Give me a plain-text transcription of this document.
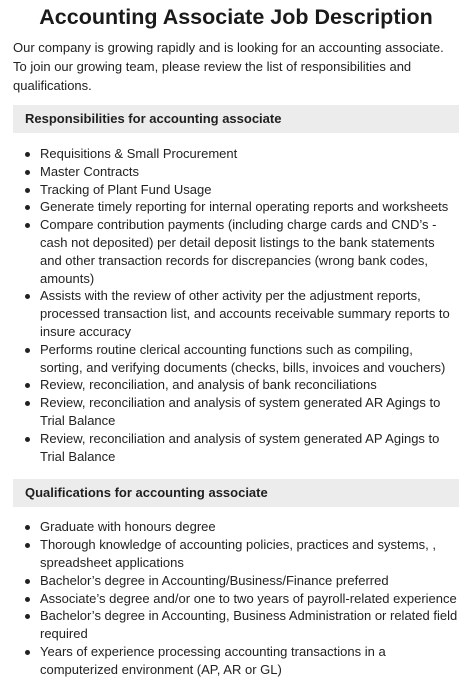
Accounting Associate Job Description

Our company is growing rapidly and is looking for an accounting associate. To join our growing team, please review the list of responsibilities and qualifications.

Responsibilities for accounting associate
Requisitions & Small Procurement
Master Contracts
Tracking of Plant Fund Usage
Generate timely reporting for internal operating reports and worksheets
Compare contribution payments (including charge cards and CND’s - cash not deposited) per detail deposit listings to the bank statements and other transaction records for discrepancies (wrong bank codes, amounts)
Assists with the review of other activity per the adjustment reports, processed transaction list, and accounts receivable summary reports to insure accuracy
Performs routine clerical accounting functions such as compiling, sorting, and verifying documents (checks, bills, invoices and vouchers)
Review, reconciliation, and analysis of bank reconciliations
Review, reconciliation and analysis of system generated AR Agings to Trial Balance
Review, reconciliation and analysis of system generated AP Agings to Trial Balance
Qualifications for accounting associate
Graduate with honours degree
Thorough knowledge of accounting policies, practices and systems, , spreadsheet applications
Bachelor’s degree in Accounting/Business/Finance preferred
Associate’s degree and/or one to two years of payroll-related experience
Bachelor’s degree in Accounting, Business Administration or related field required
Years of experience processing accounting transactions in a computerized environment (AP, AR or GL)
